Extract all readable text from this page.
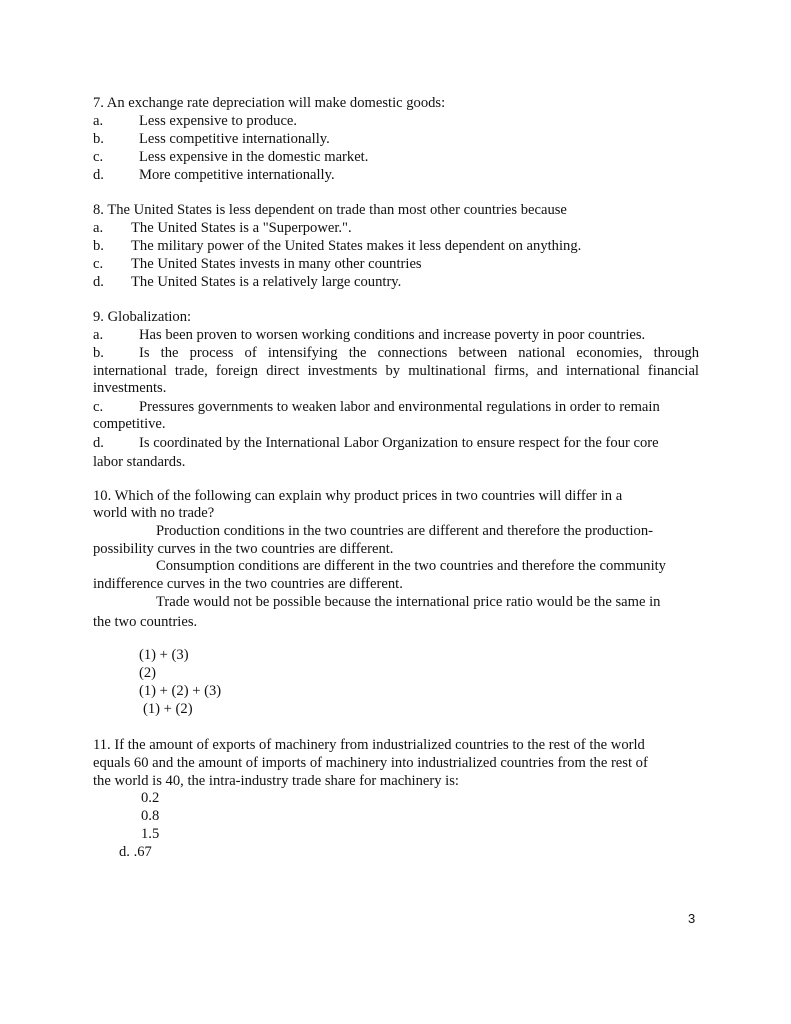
7. An exchange rate depreciation will make domestic goods:
a. Less expensive to produce.
b. Less competitive internationally.
c. Less expensive in the domestic market.
d. More competitive internationally.
8. The United States is less dependent on trade than most other countries because
a. The United States is a "Superpower.".
b. The military power of the United States makes it less dependent on anything.
c. The United States invests in many other countries
d. The United States is a relatively large country.
9. Globalization:
a. Has been proven to worsen working conditions and increase poverty in poor countries.
b. Is the process of intensifying the connections between national economies, through
international trade, foreign direct investments by multinational firms, and international financial
investments.
c. Pressures governments to weaken labor and environmental regulations in order to remain
competitive.
d. Is coordinated by the International Labor Organization to ensure respect for the four core
labor standards.
10. Which of the following can explain why product prices in two countries will differ in a
world with no trade?
Production conditions in the two countries are different and therefore the production-
possibility curves in the two countries are different.
Consumption conditions are different in the two countries and therefore the community
indifference curves in the two countries are different.
Trade would not be possible because the international price ratio would be the same in
the two countries.
(1) + (3)
(2)
(1) + (2) + (3)
(1) + (2)
11. If the amount of exports of machinery from industrialized countries to the rest of the world
equals 60 and the amount of imports of machinery into industrialized countries from the rest of
the world is 40, the intra-industry trade share for machinery is:
0.2
0.8
1.5
d. .67
3
